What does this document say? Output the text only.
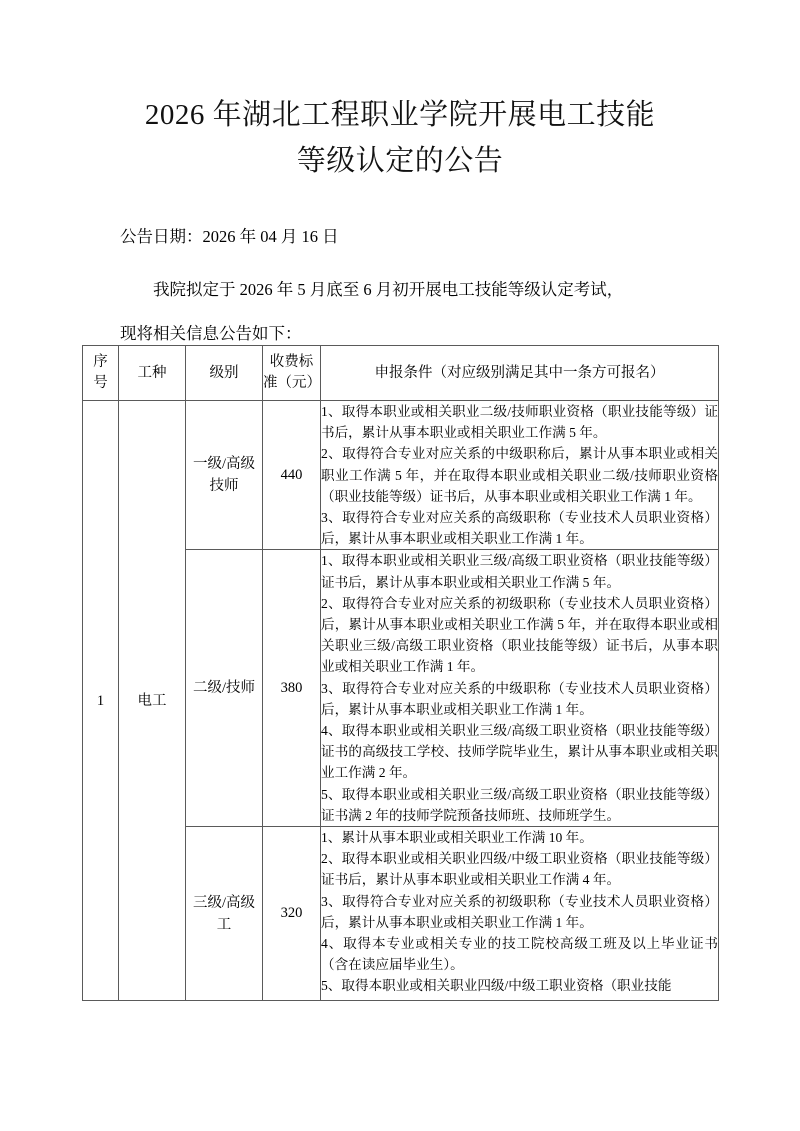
2026 年湖北工程职业学院开展电工技能
等级认定的公告
公告日期：2026 年 04 月 16 日
我院拟定于 2026 年 5 月底至 6 月初开展电工技能等级认定考试，
现将相关信息公告如下：
序号	工种	级别	收费标准（元）	申报条件（对应级别满足其中一条方可报名）
1	电工	一级/高级技师	440	1、取得本职业或相关职业二级/技师职业资格（职业技能等级）证书后，累计从事本职业或相关职业工作满 5 年。
2、取得符合专业对应关系的中级职称后，累计从事本职业或相关职业工作满 5 年，并在取得本职业或相关职业二级/技师职业资格（职业技能等级）证书后，从事本职业或相关职业工作满 1 年。
3、取得符合专业对应关系的高级职称（专业技术人员职业资格）后，累计从事本职业或相关职业工作满 1 年。

		二级/技师	380	1、取得本职业或相关职业三级/高级工职业资格（职业技能等级）证书后，累计从事本职业或相关职业工作满 5 年。
2、取得符合专业对应关系的初级职称（专业技术人员职业资格）后，累计从事本职业或相关职业工作满 5 年，并在取得本职业或相关职业三级/高级工职业资格（职业技能等级）证书后，从事本职业或相关职业工作满 1 年。
3、取得符合专业对应关系的中级职称（专业技术人员职业资格）后，累计从事本职业或相关职业工作满 1 年。
4、取得本职业或相关职业三级/高级工职业资格（职业技能等级）证书的高级技工学校、技师学院毕业生，累计从事本职业或相关职业工作满 2 年。
5、取得本职业或相关职业三级/高级工职业资格（职业技能等级）证书满 2 年的技师学院预备技师班、技师班学生。

		三级/高级工	320	1、累计从事本职业或相关职业工作满 10 年。
2、取得本职业或相关职业四级/中级工职业资格（职业技能等级）证书后，累计从事本职业或相关职业工作满 4 年。
3、取得符合专业对应关系的初级职称（专业技术人员职业资格）后，累计从事本职业或相关职业工作满 1 年。
4、取得本专业或相关专业的技工院校高级工班及以上毕业证书（含在读应届毕业生）。
5、取得本职业或相关职业四级/中级工职业资格（职业技能
